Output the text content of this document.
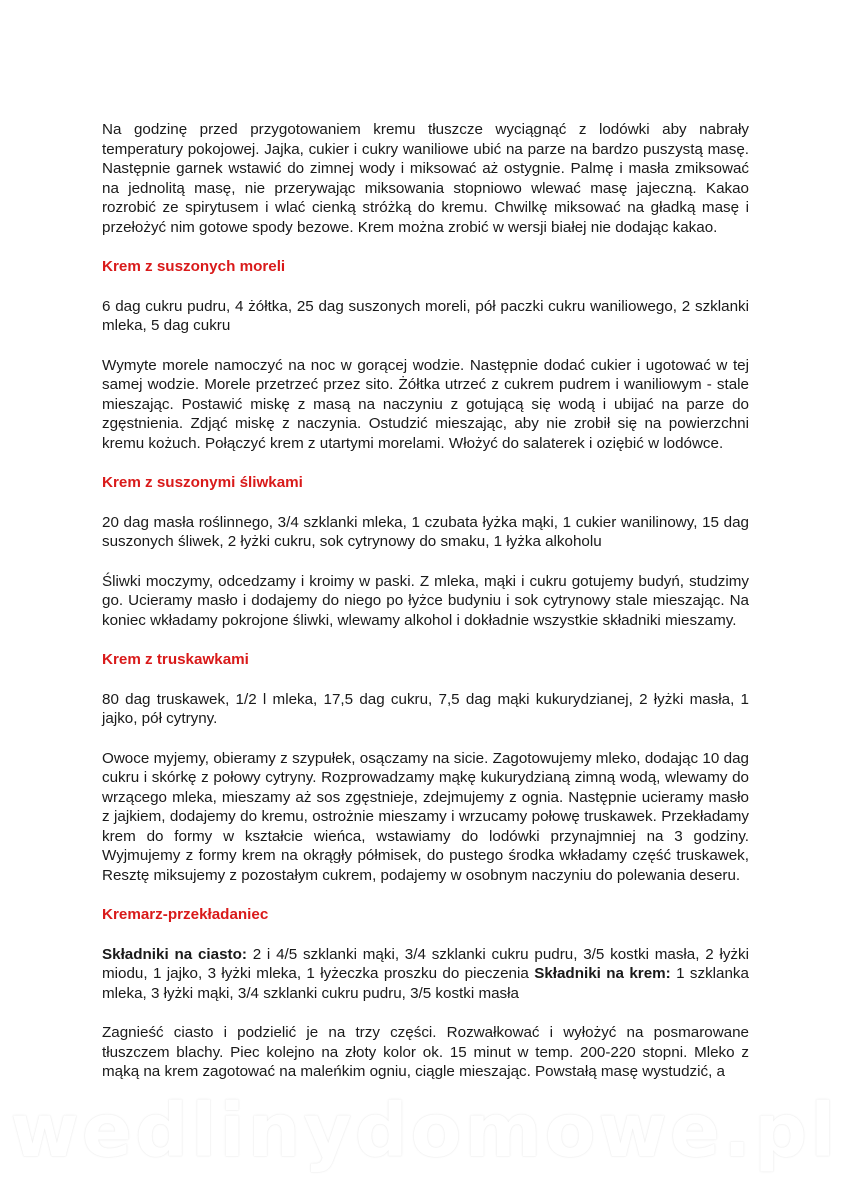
Na godzinę przed przygotowaniem kremu tłuszcze wyciągnąć z lodówki aby nabrały temperatury pokojowej. Jajka, cukier i cukry waniliowe ubić na parze na bardzo puszystą masę. Następnie garnek wstawić do zimnej wody i miksować aż ostygnie. Palmę i masła zmiksować na jednolitą masę, nie przerywając miksowania stopniowo wlewać masę jajeczną. Kakao rozrobić ze spirytusem i wlać cienką stróżką do kremu. Chwilkę miksować na gładką masę i przełożyć nim gotowe spody bezowe. Krem można zrobić w wersji białej nie dodając kakao.

Krem z suszonych moreli

6 dag cukru pudru, 4 żółtka, 25 dag suszonych moreli, pół paczki cukru waniliowego, 2 szklanki mleka, 5 dag cukru

Wymyte morele namoczyć na noc w gorącej wodzie. Następnie dodać cukier i ugotować w tej samej wodzie. Morele przetrzeć przez sito. Żółtka utrzeć z cukrem pudrem i waniliowym - stale mieszając. Postawić miskę z masą na naczyniu z gotującą się wodą i ubijać na parze do zgęstnienia. Zdjąć miskę z naczynia. Ostudzić mieszając, aby nie zrobił się na powierzchni kremu kożuch. Połączyć krem z utartymi morelami. Włożyć do salaterek i oziębić w lodówce.

Krem z suszonymi śliwkami

20 dag masła roślinnego, 3/4 szklanki mleka, 1 czubata łyżka mąki, 1 cukier wanilinowy, 15 dag suszonych śliwek, 2 łyżki cukru, sok cytrynowy do smaku, 1 łyżka alkoholu

Śliwki moczymy, odcedzamy i kroimy w paski. Z mleka, mąki i cukru gotujemy budyń, studzimy go. Ucieramy masło i dodajemy do niego po łyżce budyniu i sok cytrynowy stale mieszając. Na koniec wkładamy pokrojone śliwki, wlewamy alkohol i dokładnie wszystkie składniki mieszamy.

Krem z truskawkami

80 dag truskawek, 1/2 l mleka, 17,5 dag cukru, 7,5 dag mąki kukurydzianej, 2 łyżki masła, 1 jajko, pół cytryny.

Owoce myjemy, obieramy z szypułek, osączamy na sicie. Zagotowujemy mleko, dodając 10 dag cukru i skórkę z połowy cytryny. Rozprowadzamy mąkę kukurydzianą zimną wodą, wlewamy do wrzącego mleka, mieszamy aż sos zgęstnieje, zdejmujemy z ognia. Następnie ucieramy masło z jajkiem, dodajemy do kremu, ostrożnie mieszamy i wrzucamy połowę truskawek. Przekładamy krem do formy w kształcie wieńca, wstawiamy do lodówki przynajmniej na 3 godziny. Wyjmujemy z formy krem na okrągły półmisek, do pustego środka wkładamy część truskawek, Resztę miksujemy z pozostałym cukrem, podajemy w osobnym naczyniu do polewania deseru.

Kremarz-przekładaniec

Składniki na ciasto: 2 i 4/5 szklanki mąki, 3/4 szklanki cukru pudru, 3/5 kostki masła, 2 łyżki miodu, 1 jajko, 3 łyżki mleka, 1 łyżeczka proszku do pieczenia Składniki na krem: 1 szklanka mleka, 3 łyżki mąki, 3/4 szklanki cukru pudru, 3/5 kostki masła

Zagnieść ciasto i podzielić je na trzy części. Rozwałkować i wyłożyć na posmarowane tłuszczem blachy. Piec kolejno na złoty kolor ok. 15 minut w temp. 200-220 stopni. Mleko z mąką na krem zagotować na maleńkim ogniu, ciągle mieszając. Powstałą masę wystudzić, a

wedlinydomowe.pl
